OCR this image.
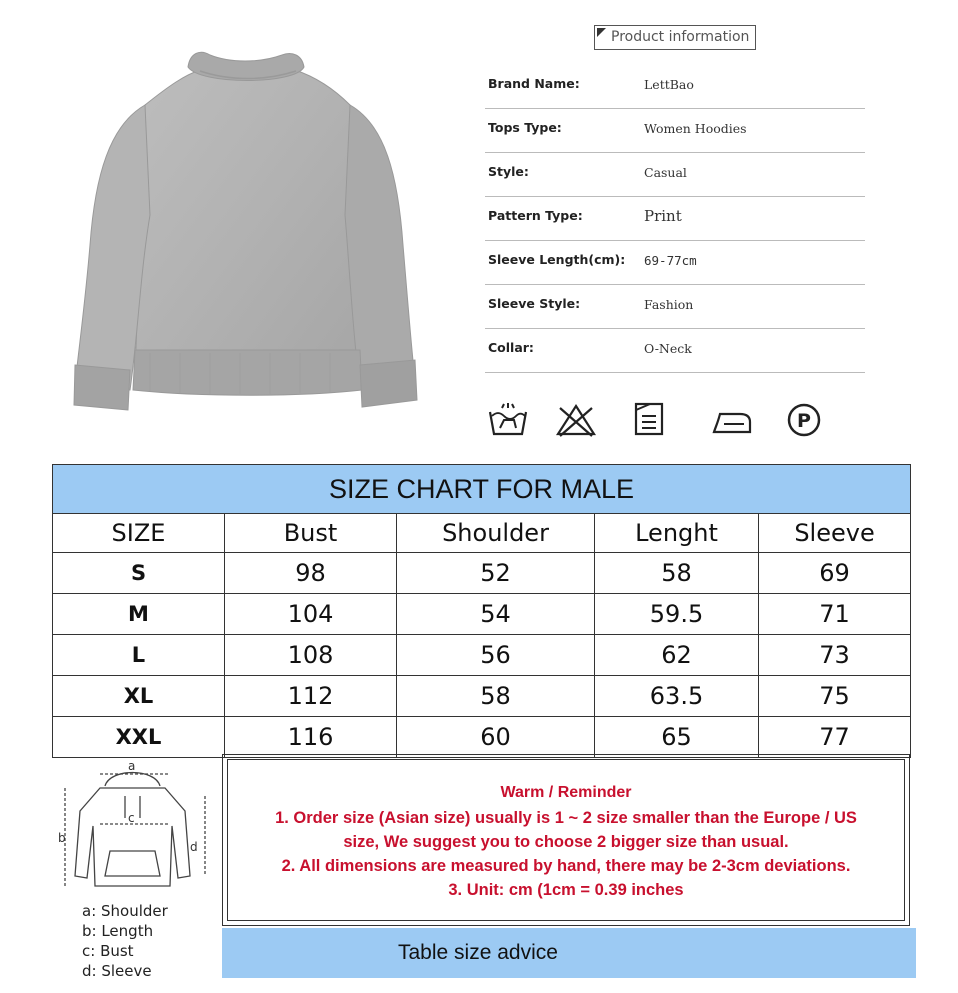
Product information
Brand Name:	LettBao
Tops Type:	Women Hoodies
Style:	Casual
Pattern Type:	Print
Sleeve Length(cm): 69-77cm
Sleeve Style:	Fashion
Collar:	O-Neck
P
SIZE CHART FOR MALE				
SIZE	Bust	Shoulder	Lenght	Sleeve
S	98	52	58	69
M	104	54	59.5	71
L	108	56	62	73
XL	112	58	63.5	75
XXL	116	60	65	77
a
b
c
d
a: Shoulder
b: Length
c: Bust
d: Sleeve
Warm / Reminder
1. Order size (Asian size) usually is 1 ~ 2 size smaller than the Europe / US
size, We suggest you to choose 2 bigger size than usual.
2. All dimensions are measured by hand, there may be 2-3cm deviations.
3. Unit: cm (1cm = 0.39 inches
Table size advice
